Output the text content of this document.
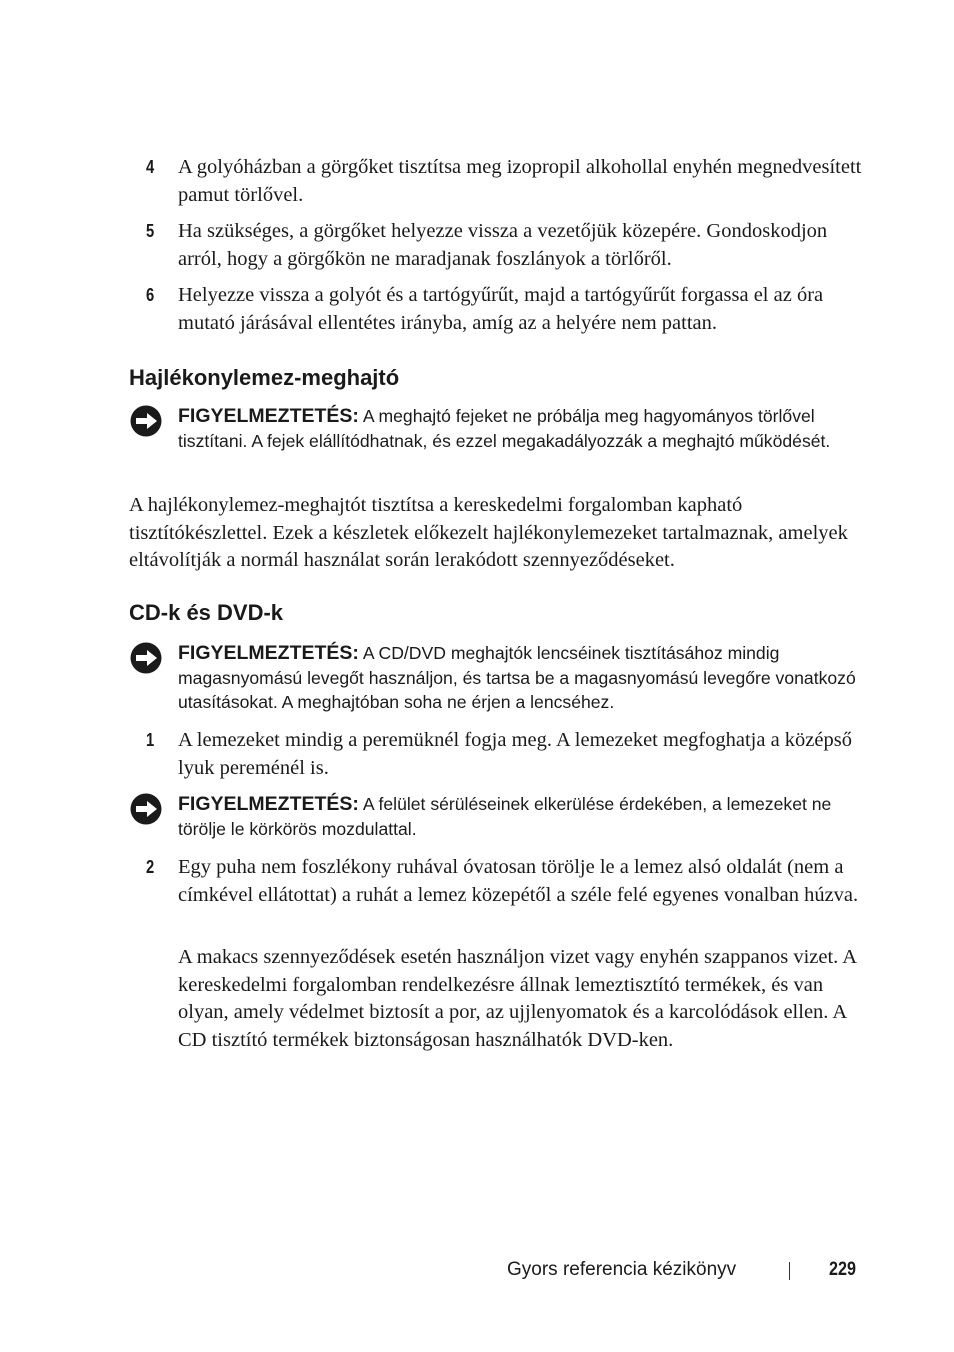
4	A golyóházban a görgőket tisztítsa meg izopropil alkohollal enyhén megnedvesített pamut törlővel.
5	Ha szükséges, a görgőket helyezze vissza a vezetőjük közepére. Gondoskodjon arról, hogy a görgőkön ne maradjanak foszlányok a törlőről.
6	Helyezze vissza a golyót és a tartógyűrűt, majd a tartógyűrűt forgassa el az óra mutató járásával ellentétes irányba, amíg az a helyére nem pattan.
Hajlékonylemez-meghajtó
FIGYELMEZTETÉS: A meghajtó fejeket ne próbálja meg hagyományos törlővel tisztítani. A fejek elállítódhatnak, és ezzel megakadályozzák a meghajtó működését.
A hajlékonylemez-meghajtót tisztítsa a kereskedelmi forgalomban kapható tisztítókészlettel. Ezek a készletek előkezelt hajlékonylemezeket tartalmaznak, amelyek eltávolítják a normál használat során lerakódott szennyeződéseket.
CD-k és DVD-k
FIGYELMEZTETÉS: A CD/DVD meghajtók lencséinek tisztításához mindig magasnyomású levegőt használjon, és tartsa be a magasnyomású levegőre vonatkozó utasításokat. A meghajtóban soha ne érjen a lencséhez.
1	A lemezeket mindig a peremüknél fogja meg. A lemezeket megfoghatja a középső lyuk pereménél is.
FIGYELMEZTETÉS: A felület sérüléseinek elkerülése érdekében, a lemezeket ne törölje le körkörös mozdulattal.
2	Egy puha nem foszlékony ruhával óvatosan törölje le a lemez alsó oldalát (nem a címkével ellátottat) a ruhát a lemez közepétől a széle felé egyenes vonalban húzva.
A makacs szennyeződések esetén használjon vizet vagy enyhén szappanos vizet. A kereskedelmi forgalomban rendelkezésre állnak lemeztisztító termékek, és van olyan, amely védelmet biztosít a por, az ujjlenyomatok és a karcolódások ellen. A CD tisztító termékek biztonságosan használhatók DVD-ken.
Gyors referencia kézikönyv	229
